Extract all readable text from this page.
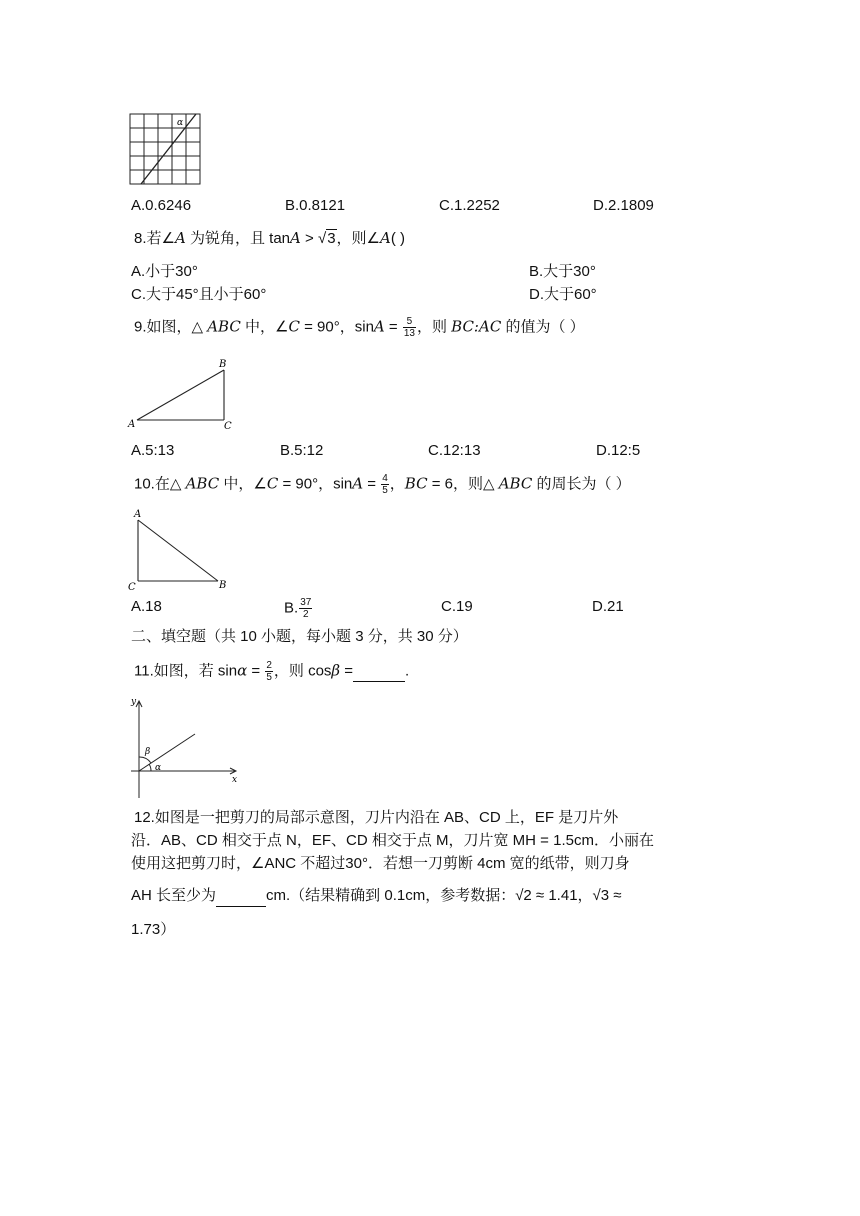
α
A.0.6246	B.0.8121	C.1.2252	D.2.1809
8.若∠A 为锐角，且 tanA > √3，则∠A( )
A.小于30°	B.大于30°
C.大于45°且小于60°	D.大于60°
9.如图，△ ABC 中，∠C = 90°，$\sin A = \frac{5}{13}$ ，则 BC:AC 的值为（ ）
A
B
C
A.5:13	B.5:12	C.12:13	D.12:5
10.在△ ABC 中，∠C = 90°，$\sin A = \frac{4}{5}$ ，BC = 6，则△ ABC 的周长为（ ）
A
B
C
A.18	B. $\frac{37}{2}$	C.19	D.21
二、填空题（共 10 小题，每小题 3 分，共 30 分）
11.如图，若 $\sin\alpha = \frac{2}{5}$ ，则 cosβ =	.
y
x
β
α
12.如图是一把剪刀的局部示意图，刀片内沿在 AB、CD 上，EF 是刀片外
沿．AB、CD 相交于点 N，EF、CD 相交于点 M，刀片宽 MH = 1.5cm．小丽在
使用这把剪刀时，∠ANC 不超过30°．若想一刀剪断 4cm 宽的纸带，则刀身
AH 长至少为	cm.（结果精确到 0.1cm，参考数据：√2 ≈ 1.41，√3 ≈
1.73）
